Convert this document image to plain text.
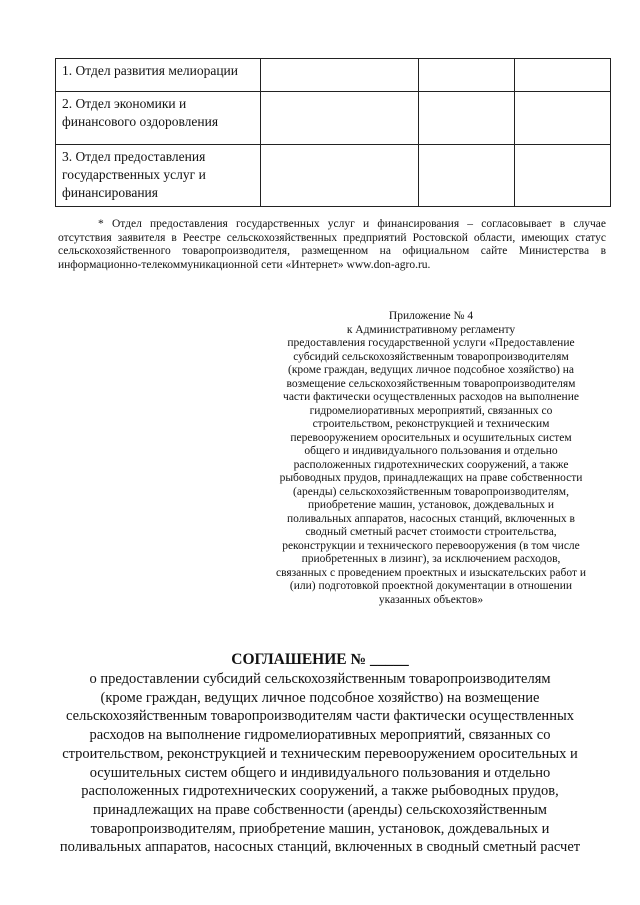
1. Отдел развития мелиорации			

2. Отдел экономики и
финансового оздоровления			

3. Отдел предоставления
государственных услуг и
финансирования			

* Отдел предоставления государственных услуг и финансирования – согласовывает в случае отсутствия заявителя в Реестре сельскохозяйственных предприятий Ростовской области, имеющих статус сельскохозяйственного товаропроизводителя, размещенном на официальном сайте Министерства в информационно-телекоммуникационной сети «Интернет» www.don-agro.ru.
Приложение № 4
к Административному регламенту
предоставления государственной услуги «Предоставление
субсидий сельскохозяйственным товаропроизводителям
(кроме граждан, ведущих личное подсобное хозяйство) на
возмещение сельскохозяйственным товаропроизводителям
части фактически осуществленных расходов на выполнение
гидромелиоративных мероприятий, связанных со
строительством, реконструкцией и техническим
перевооружением оросительных и осушительных систем
общего и индивидуального пользования и отдельно
расположенных гидротехнических сооружений, а также
рыбоводных прудов, принадлежащих на праве собственности
(аренды) сельскохозяйственным товаропроизводителям,
приобретение машин, установок, дождевальных и
поливальных аппаратов, насосных станций, включенных в
сводный сметный расчет стоимости строительства,
реконструкции и технического перевооружения (в том числе
приобретенных в лизинг), за исключением расходов,
связанных с проведением проектных и изыскательских работ и
(или) подготовкой проектной документации в отношении
указанных объектов»
СОГЛАШЕНИЕ № _____
о предоставлении субсидий сельскохозяйственным товаропроизводителям
(кроме граждан, ведущих личное подсобное хозяйство) на возмещение
сельскохозяйственным товаропроизводителям части фактически осуществленных
расходов на выполнение гидромелиоративных мероприятий, связанных со
строительством, реконструкцией и техническим перевооружением оросительных и
осушительных систем общего и индивидуального пользования и отдельно
расположенных гидротехнических сооружений, а также рыбоводных прудов,
принадлежащих на праве собственности (аренды) сельскохозяйственным
товаропроизводителям, приобретение машин, установок, дождевальных и
поливальных аппаратов, насосных станций, включенных в сводный сметный расчет
